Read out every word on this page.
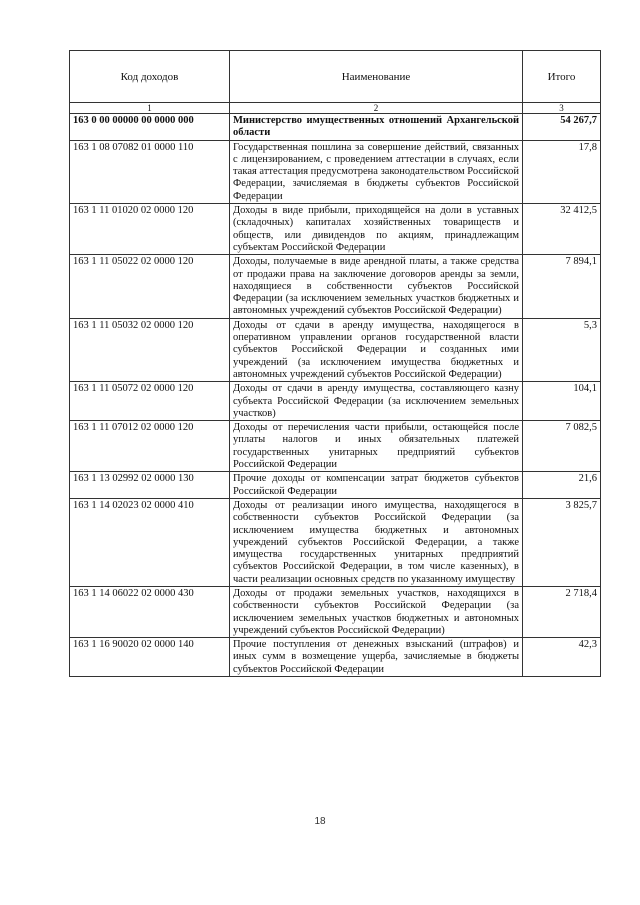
Код доходов	Наименование	Итого
1	2	3
163 0 00 00000 00 0000 000	Министерство имущественных отношений Архангельской области	54 267,7
163 1 08 07082 01 0000 110	Государственная пошлина за совершение действий, связанных с лицензированием, с проведением аттестации в случаях, если такая аттестация предусмотрена законодательством Российской Федерации, зачисляемая в бюджеты субъектов Российской Федерации	17,8
163 1 11 01020 02 0000 120	Доходы в виде прибыли, приходящейся на доли в уставных (складочных) капиталах хозяйственных товариществ и обществ, или дивидендов по акциям, принадлежащим субъектам Российской Федерации	32 412,5
163 1 11 05022 02 0000 120	Доходы, получаемые в виде арендной платы, а также средства от продажи права на заключение договоров аренды за земли, находящиеся в собственности субъектов Российской Федерации (за исключением земельных участков бюджетных и автономных учреждений субъектов Российской Федерации)	7 894,1
163 1 11 05032 02 0000 120	Доходы от сдачи в аренду имущества, находящегося в оперативном управлении органов государственной власти субъектов Российской Федерации и созданных ими учреждений (за исключением имущества бюджетных и автономных учреждений субъектов Российской Федерации)	5,3
163 1 11 05072 02 0000 120	Доходы от сдачи в аренду имущества, составляющего казну субъекта Российской Федерации (за исключением земельных участков)	104,1
163 1 11 07012 02 0000 120	Доходы от перечисления части прибыли, остающейся после уплаты налогов и иных обязательных платежей государственных унитарных предприятий субъектов Российской Федерации	7 082,5
163 1 13 02992 02 0000 130	Прочие доходы от компенсации затрат бюджетов субъектов Российской Федерации	21,6
163 1 14 02023 02 0000 410	Доходы от реализации иного имущества, находящегося в собственности субъектов Российской Федерации (за исключением имущества бюджетных и автономных учреждений субъектов Российской Федерации, а также имущества государственных унитарных предприятий субъектов Российской Федерации, в том числе казенных), в части реализации основных средств по указанному имуществу	3 825,7
163 1 14 06022 02 0000 430	Доходы от продажи земельных участков, находящихся в собственности субъектов Российской Федерации (за исключением земельных участков бюджетных и автономных учреждений субъектов Российской Федерации)	2 718,4
163 1 16 90020 02 0000 140	Прочие поступления от денежных взысканий (штрафов) и иных сумм в возмещение ущерба, зачисляемые в бюджеты субъектов Российской Федерации	42,3
18
